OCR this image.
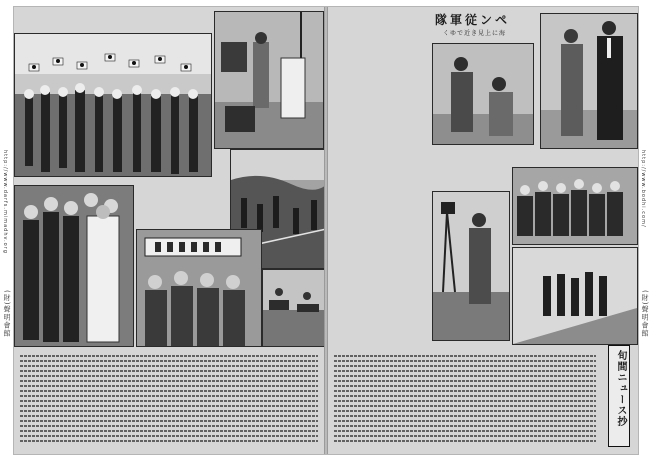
隊軍従ンペ
くゆで近き見上に海
旬間ニュース抄
(財)聲明會館
http://www.darfs.mimadhv.org
(財)聲明會館
http://www.bodhi.com/
